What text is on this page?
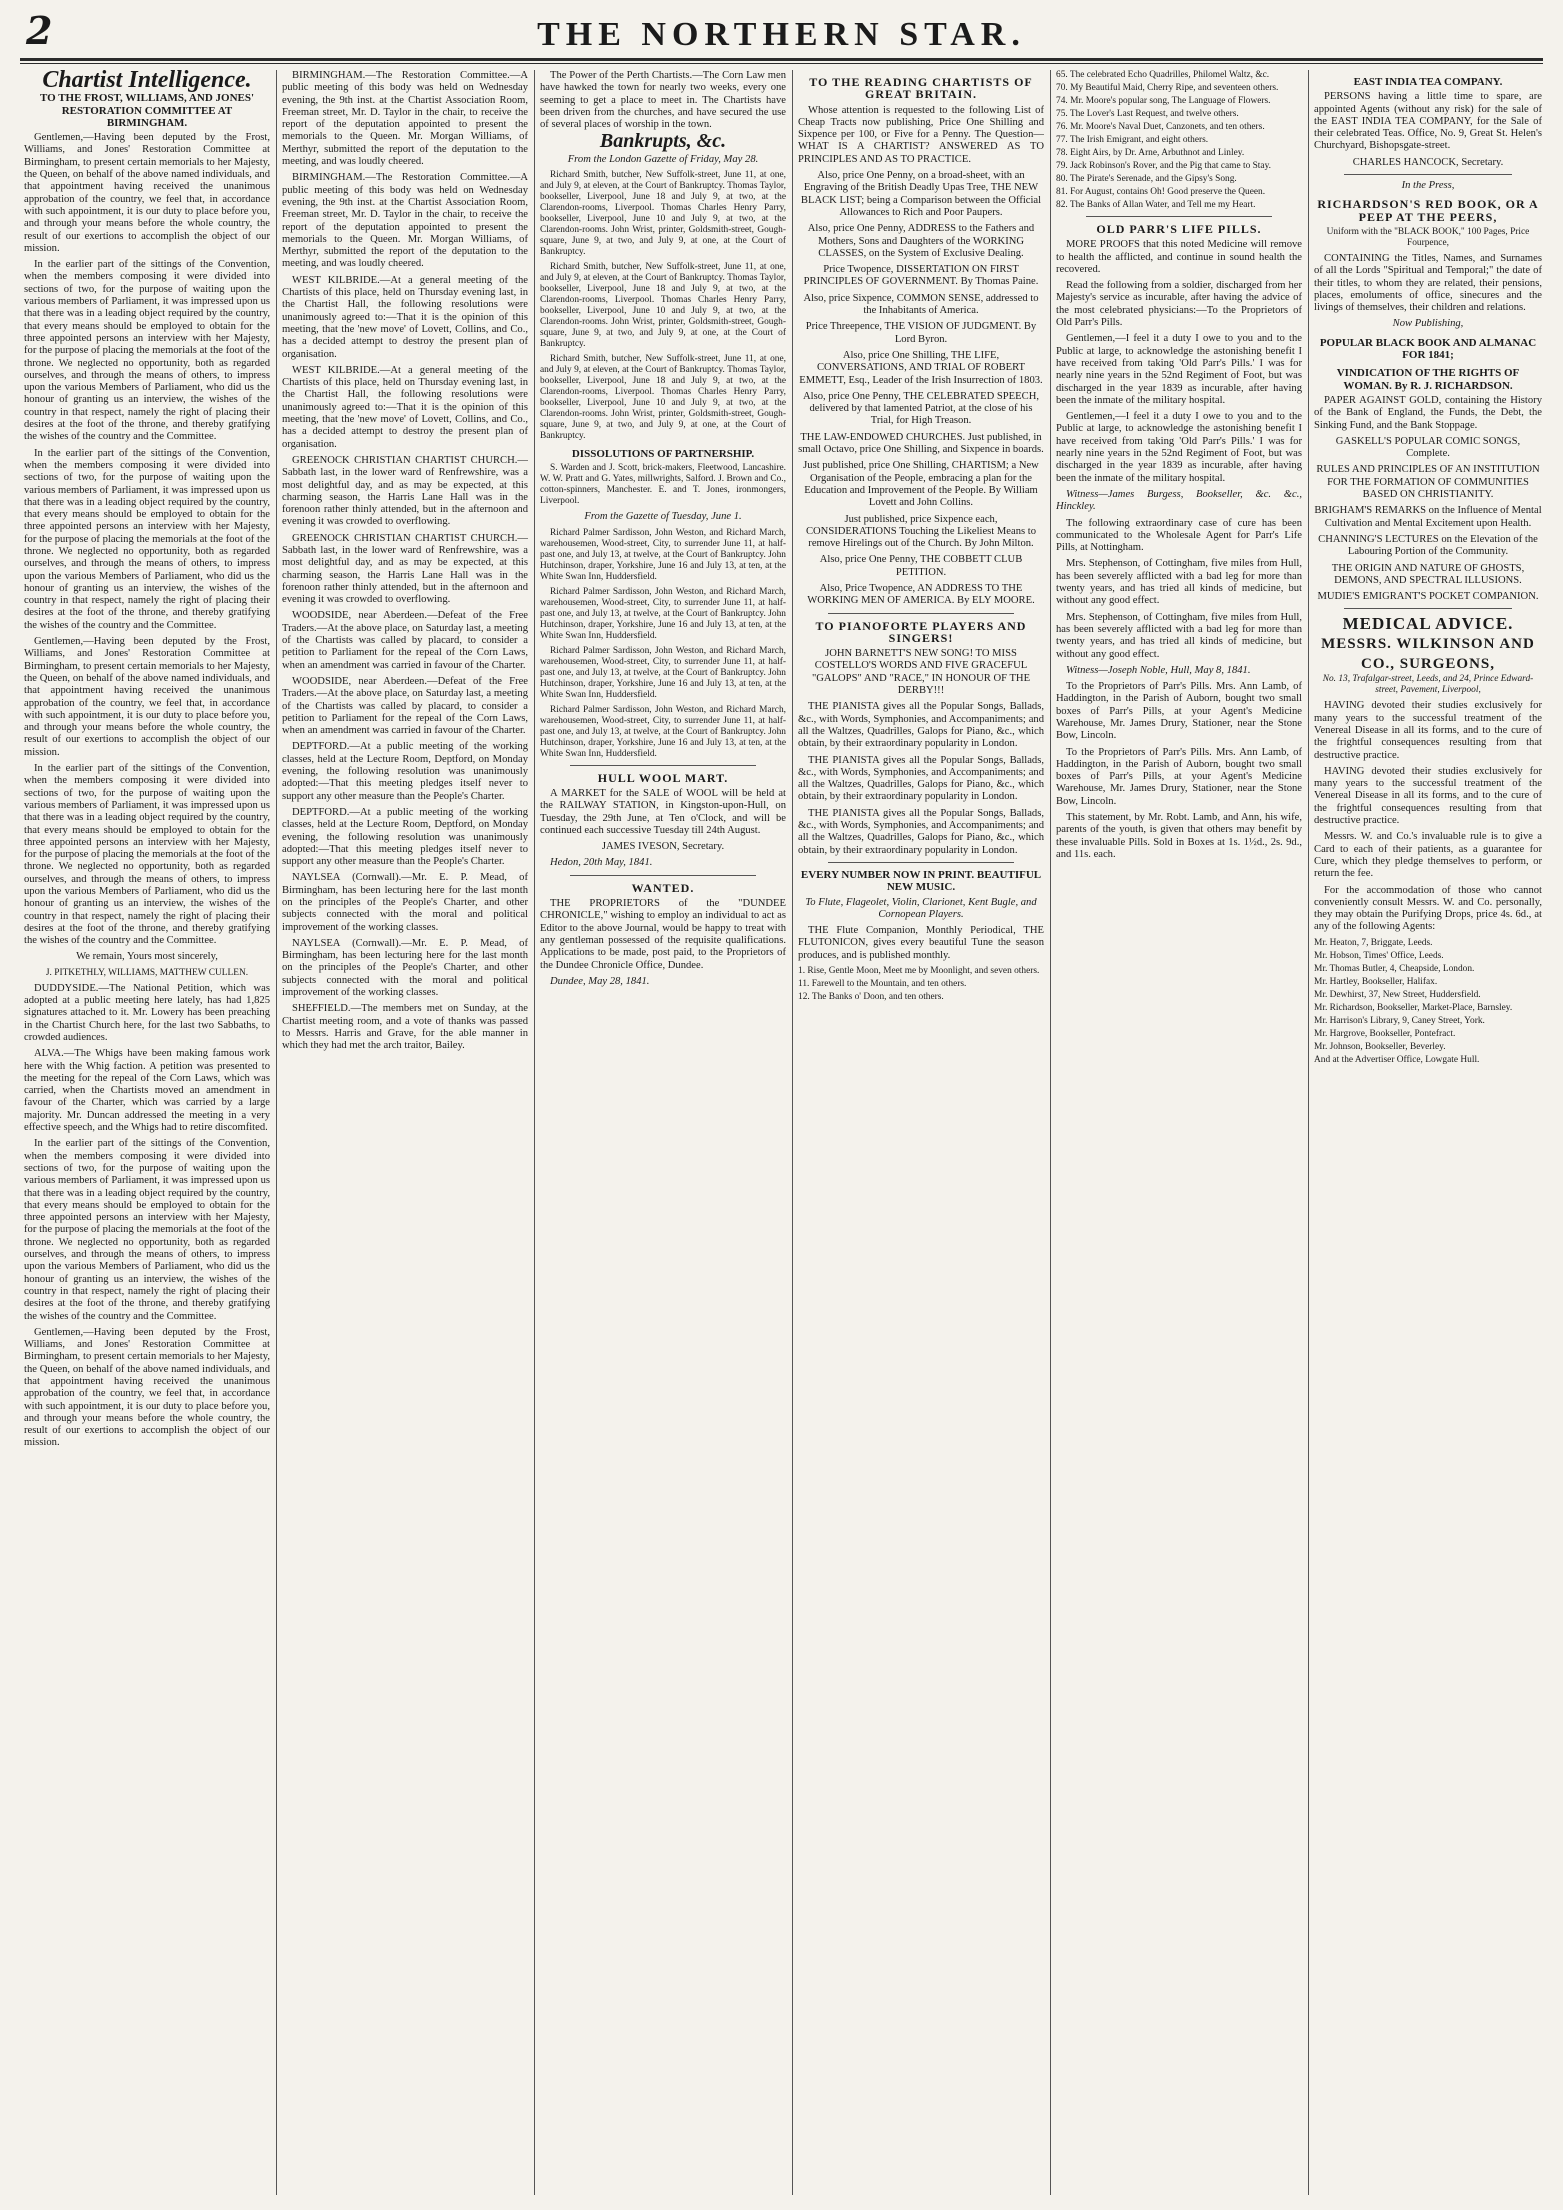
2	THE NORTHERN STAR.
Chartist Intelligence.
TO THE FROST, WILLIAMS, AND JONES' RESTORATION COMMITTEE AT BIRMINGHAM.

Gentlemen,—Having been deputed by the Frost, Williams, and Jones' Restoration Committee at Birmingham, to present certain memorials to her Majesty, the Queen, on behalf of the above named individuals, and that appointment having received the unanimous approbation of the country, we feel that, in accordance with such appointment, it is our duty to place before you, and through your means before the whole country, the result of our exertions to accomplish the object of our mission.

In the earlier part of the sittings of the Convention, when the members composing it were divided into sections of two, for the purpose of waiting upon the various members of Parliament, it was impressed upon us that there was in a leading object required by the country, that every means should be employed to obtain for the three appointed persons an interview with her Majesty, for the purpose of placing the memorials at the foot of the throne. We neglected no opportunity, both as regarded ourselves, and through the means of others, to impress upon the various Members of Parliament, who did us the honour of granting us an interview, the wishes of the country in that respect, namely the right of placing their desires at the foot of the throne, and thereby gratifying the wishes of the country and the Committee.

In the earlier part of the sittings of the Convention, when the members composing it were divided into sections of two, for the purpose of waiting upon the various members of Parliament, it was impressed upon us that there was in a leading object required by the country, that every means should be employed to obtain for the three appointed persons an interview with her Majesty, for the purpose of placing the memorials at the foot of the throne. We neglected no opportunity, both as regarded ourselves, and through the means of others, to impress upon the various Members of Parliament, who did us the honour of granting us an interview, the wishes of the country in that respect, namely the right of placing their desires at the foot of the throne, and thereby gratifying the wishes of the country and the Committee.

Gentlemen,—Having been deputed by the Frost, Williams, and Jones' Restoration Committee at Birmingham, to present certain memorials to her Majesty, the Queen, on behalf of the above named individuals, and that appointment having received the unanimous approbation of the country, we feel that, in accordance with such appointment, it is our duty to place before you, and through your means before the whole country, the result of our exertions to accomplish the object of our mission.

In the earlier part of the sittings of the Convention, when the members composing it were divided into sections of two, for the purpose of waiting upon the various members of Parliament, it was impressed upon us that there was in a leading object required by the country, that every means should be employed to obtain for the three appointed persons an interview with her Majesty, for the purpose of placing the memorials at the foot of the throne. We neglected no opportunity, both as regarded ourselves, and through the means of others, to impress upon the various Members of Parliament, who did us the honour of granting us an interview, the wishes of the country in that respect, namely the right of placing their desires at the foot of the throne, and thereby gratifying the wishes of the country and the Committee.

We remain, Yours most sincerely,

J. PITKETHLY, WILLIAMS, MATTHEW CULLEN.

DUDDYSIDE.—The National Petition, which was adopted at a public meeting here lately, has had 1,825 signatures attached to it. Mr. Lowery has been preaching in the Chartist Church here, for the last two Sabbaths, to crowded audiences.

ALVA.—The Whigs have been making famous work here with the Whig faction. A petition was presented to the meeting for the repeal of the Corn Laws, which was carried, when the Chartists moved an amendment in favour of the Charter, which was carried by a large majority. Mr. Duncan addressed the meeting in a very effective speech, and the Whigs had to retire discomfited.

In the earlier part of the sittings of the Convention, when the members composing it were divided into sections of two, for the purpose of waiting upon the various members of Parliament, it was impressed upon us that there was in a leading object required by the country, that every means should be employed to obtain for the three appointed persons an interview with her Majesty, for the purpose of placing the memorials at the foot of the throne. We neglected no opportunity, both as regarded ourselves, and through the means of others, to impress upon the various Members of Parliament, who did us the honour of granting us an interview, the wishes of the country in that respect, namely the right of placing their desires at the foot of the throne, and thereby gratifying the wishes of the country and the Committee.

Gentlemen,—Having been deputed by the Frost, Williams, and Jones' Restoration Committee at Birmingham, to present certain memorials to her Majesty, the Queen, on behalf of the above named individuals, and that appointment having received the unanimous approbation of the country, we feel that, in accordance with such appointment, it is our duty to place before you, and through your means before the whole country, the result of our exertions to accomplish the object of our mission.

BIRMINGHAM.—The Restoration Committee.—A public meeting of this body was held on Wednesday evening, the 9th inst. at the Chartist Association Room, Freeman street, Mr. D. Taylor in the chair, to receive the report of the deputation appointed to present the memorials to the Queen. Mr. Morgan Williams, of Merthyr, submitted the report of the deputation to the meeting, and was loudly cheered.

BIRMINGHAM.—The Restoration Committee.—A public meeting of this body was held on Wednesday evening, the 9th inst. at the Chartist Association Room, Freeman street, Mr. D. Taylor in the chair, to receive the report of the deputation appointed to present the memorials to the Queen. Mr. Morgan Williams, of Merthyr, submitted the report of the deputation to the meeting, and was loudly cheered.

WEST KILBRIDE.—At a general meeting of the Chartists of this place, held on Thursday evening last, in the Chartist Hall, the following resolutions were unanimously agreed to:—That it is the opinion of this meeting, that the 'new move' of Lovett, Collins, and Co., has a decided attempt to destroy the present plan of organisation.

WEST KILBRIDE.—At a general meeting of the Chartists of this place, held on Thursday evening last, in the Chartist Hall, the following resolutions were unanimously agreed to:—That it is the opinion of this meeting, that the 'new move' of Lovett, Collins, and Co., has a decided attempt to destroy the present plan of organisation.

GREENOCK CHRISTIAN CHARTIST CHURCH.—Sabbath last, in the lower ward of Renfrewshire, was a most delightful day, and as may be expected, at this charming season, the Harris Lane Hall was in the forenoon rather thinly attended, but in the afternoon and evening it was crowded to overflowing.

GREENOCK CHRISTIAN CHARTIST CHURCH.—Sabbath last, in the lower ward of Renfrewshire, was a most delightful day, and as may be expected, at this charming season, the Harris Lane Hall was in the forenoon rather thinly attended, but in the afternoon and evening it was crowded to overflowing.

WOODSIDE, near Aberdeen.—Defeat of the Free Traders.—At the above place, on Saturday last, a meeting of the Chartists was called by placard, to consider a petition to Parliament for the repeal of the Corn Laws, when an amendment was carried in favour of the Charter.

WOODSIDE, near Aberdeen.—Defeat of the Free Traders.—At the above place, on Saturday last, a meeting of the Chartists was called by placard, to consider a petition to Parliament for the repeal of the Corn Laws, when an amendment was carried in favour of the Charter.

DEPTFORD.—At a public meeting of the working classes, held at the Lecture Room, Deptford, on Monday evening, the following resolution was unanimously adopted:—That this meeting pledges itself never to support any other measure than the People's Charter.

DEPTFORD.—At a public meeting of the working classes, held at the Lecture Room, Deptford, on Monday evening, the following resolution was unanimously adopted:—That this meeting pledges itself never to support any other measure than the People's Charter.

NAYLSEA (Cornwall).—Mr. E. P. Mead, of Birmingham, has been lecturing here for the last month on the principles of the People's Charter, and other subjects connected with the moral and political improvement of the working classes.

NAYLSEA (Cornwall).—Mr. E. P. Mead, of Birmingham, has been lecturing here for the last month on the principles of the People's Charter, and other subjects connected with the moral and political improvement of the working classes.

SHEFFIELD.—The members met on Sunday, at the Chartist meeting room, and a vote of thanks was passed to Messrs. Harris and Grave, for the able manner in which they had met the arch traitor, Bailey.

The Power of the Perth Chartists.—The Corn Law men have hawked the town for nearly two weeks, every one seeming to get a place to meet in. The Chartists have been driven from the churches, and have secured the use of several places of worship in the town.

Bankrupts, &c.

From the London Gazette of Friday, May 28.

Richard Smith, butcher, New Suffolk-street, June 11, at one, and July 9, at eleven, at the Court of Bankruptcy. Thomas Taylor, bookseller, Liverpool, June 18 and July 9, at two, at the Clarendon-rooms, Liverpool. Thomas Charles Henry Parry, bookseller, Liverpool, June 10 and July 9, at two, at the Clarendon-rooms. John Wrist, printer, Goldsmith-street, Gough-square, June 9, at two, and July 9, at one, at the Court of Bankruptcy.

Richard Smith, butcher, New Suffolk-street, June 11, at one, and July 9, at eleven, at the Court of Bankruptcy. Thomas Taylor, bookseller, Liverpool, June 18 and July 9, at two, at the Clarendon-rooms, Liverpool. Thomas Charles Henry Parry, bookseller, Liverpool, June 10 and July 9, at two, at the Clarendon-rooms. John Wrist, printer, Goldsmith-street, Gough-square, June 9, at two, and July 9, at one, at the Court of Bankruptcy.

Richard Smith, butcher, New Suffolk-street, June 11, at one, and July 9, at eleven, at the Court of Bankruptcy. Thomas Taylor, bookseller, Liverpool, June 18 and July 9, at two, at the Clarendon-rooms, Liverpool. Thomas Charles Henry Parry, bookseller, Liverpool, June 10 and July 9, at two, at the Clarendon-rooms. John Wrist, printer, Goldsmith-street, Gough-square, June 9, at two, and July 9, at one, at the Court of Bankruptcy.

DISSOLUTIONS OF PARTNERSHIP.

S. Warden and J. Scott, brick-makers, Fleetwood, Lancashire. W. W. Pratt and G. Yates, millwrights, Salford. J. Brown and Co., cotton-spinners, Manchester. E. and T. Jones, ironmongers, Liverpool.

From the Gazette of Tuesday, June 1.

Richard Palmer Sardisson, John Weston, and Richard March, warehousemen, Wood-street, City, to surrender June 11, at half-past one, and July 13, at twelve, at the Court of Bankruptcy. John Hutchinson, draper, Yorkshire, June 16 and July 13, at ten, at the White Swan Inn, Huddersfield.

Richard Palmer Sardisson, John Weston, and Richard March, warehousemen, Wood-street, City, to surrender June 11, at half-past one, and July 13, at twelve, at the Court of Bankruptcy. John Hutchinson, draper, Yorkshire, June 16 and July 13, at ten, at the White Swan Inn, Huddersfield.

Richard Palmer Sardisson, John Weston, and Richard March, warehousemen, Wood-street, City, to surrender June 11, at half-past one, and July 13, at twelve, at the Court of Bankruptcy. John Hutchinson, draper, Yorkshire, June 16 and July 13, at ten, at the White Swan Inn, Huddersfield.

Richard Palmer Sardisson, John Weston, and Richard March, warehousemen, Wood-street, City, to surrender June 11, at half-past one, and July 13, at twelve, at the Court of Bankruptcy. John Hutchinson, draper, Yorkshire, June 16 and July 13, at ten, at the White Swan Inn, Huddersfield.

HULL WOOL MART.

A MARKET for the SALE of WOOL will be held at the RAILWAY STATION, in Kingston-upon-Hull, on Tuesday, the 29th June, at Ten o'Clock, and will be continued each successive Tuesday till 24th August.

JAMES IVESON, Secretary.

Hedon, 20th May, 1841.

WANTED.

THE PROPRIETORS of the "DUNDEE CHRONICLE," wishing to employ an individual to act as Editor to the above Journal, would be happy to treat with any gentleman possessed of the requisite qualifications. Applications to be made, post paid, to the Proprietors of the Dundee Chronicle Office, Dundee.

Dundee, May 28, 1841.

TO THE READING CHARTISTS OF GREAT BRITAIN.

Whose attention is requested to the following List of Cheap Tracts now publishing, Price One Shilling and Sixpence per 100, or Five for a Penny. The Question—WHAT IS A CHARTIST? ANSWERED AS TO PRINCIPLES AND AS TO PRACTICE.

Also, price One Penny, on a broad-sheet, with an Engraving of the British Deadly Upas Tree, THE NEW BLACK LIST; being a Comparison between the Official Allowances to Rich and Poor Paupers.

Also, price One Penny, ADDRESS to the Fathers and Mothers, Sons and Daughters of the WORKING CLASSES, on the System of Exclusive Dealing.

Price Twopence, DISSERTATION ON FIRST PRINCIPLES OF GOVERNMENT. By Thomas Paine.

Also, price Sixpence, COMMON SENSE, addressed to the Inhabitants of America.

Price Threepence, THE VISION OF JUDGMENT. By Lord Byron.

Also, price One Shilling, THE LIFE, CONVERSATIONS, AND TRIAL OF ROBERT EMMETT, Esq., Leader of the Irish Insurrection of 1803.

Also, price One Penny, THE CELEBRATED SPEECH, delivered by that lamented Patriot, at the close of his Trial, for High Treason.

THE LAW-ENDOWED CHURCHES. Just published, in small Octavo, price One Shilling, and Sixpence in boards.

Just published, price One Shilling, CHARTISM; a New Organisation of the People, embracing a plan for the Education and Improvement of the People. By William Lovett and John Collins.

Just published, price Sixpence each, CONSIDERATIONS Touching the Likeliest Means to remove Hirelings out of the Church. By John Milton.

Also, price One Penny, THE COBBETT CLUB PETITION.

Also, Price Twopence, AN ADDRESS TO THE WORKING MEN OF AMERICA. By ELY MOORE.

TO PIANOFORTE PLAYERS AND SINGERS!

JOHN BARNETT'S NEW SONG! TO MISS COSTELLO'S WORDS AND FIVE GRACEFUL "GALOPS" AND "RACE," IN HONOUR OF THE DERBY!!!

THE PIANISTA gives all the Popular Songs, Ballads, &c., with Words, Symphonies, and Accompaniments; and all the Waltzes, Quadrilles, Galops for Piano, &c., which obtain, by their extraordinary popularity in London.

THE PIANISTA gives all the Popular Songs, Ballads, &c., with Words, Symphonies, and Accompaniments; and all the Waltzes, Quadrilles, Galops for Piano, &c., which obtain, by their extraordinary popularity in London.

THE PIANISTA gives all the Popular Songs, Ballads, &c., with Words, Symphonies, and Accompaniments; and all the Waltzes, Quadrilles, Galops for Piano, &c., which obtain, by their extraordinary popularity in London.

EVERY NUMBER NOW IN PRINT. BEAUTIFUL NEW MUSIC.

To Flute, Flageolet, Violin, Clarionet, Kent Bugle, and Cornopean Players.

THE Flute Companion, Monthly Periodical, THE FLUTONICON, gives every beautiful Tune the season produces, and is published monthly.

1. Rise, Gentle Moon, Meet me by Moonlight, and seven others.
11. Farewell to the Mountain, and ten others.
12. The Banks o' Doon, and ten others.
65. The celebrated Echo Quadrilles, Philomel Waltz, &c.
70. My Beautiful Maid, Cherry Ripe, and seventeen others.
74. Mr. Moore's popular song, The Language of Flowers.
75. The Lover's Last Request, and twelve others.
76. Mr. Moore's Naval Duet, Canzonets, and ten others.
77. The Irish Emigrant, and eight others.
78. Eight Airs, by Dr. Arne, Arbuthnot and Linley.
79. Jack Robinson's Rover, and the Pig that came to Stay.
80. The Pirate's Serenade, and the Gipsy's Song.
81. For August, contains Oh! Good preserve the Queen.
82. The Banks of Allan Water, and Tell me my Heart.
OLD PARR'S LIFE PILLS.

MORE PROOFS that this noted Medicine will remove to health the afflicted, and continue in sound health the recovered.

Read the following from a soldier, discharged from her Majesty's service as incurable, after having the advice of the most celebrated physicians:—To the Proprietors of Old Parr's Pills.

Gentlemen,—I feel it a duty I owe to you and to the Public at large, to acknowledge the astonishing benefit I have received from taking 'Old Parr's Pills.' I was for nearly nine years in the 52nd Regiment of Foot, but was discharged in the year 1839 as incurable, after having been the inmate of the military hospital.

Gentlemen,—I feel it a duty I owe to you and to the Public at large, to acknowledge the astonishing benefit I have received from taking 'Old Parr's Pills.' I was for nearly nine years in the 52nd Regiment of Foot, but was discharged in the year 1839 as incurable, after having been the inmate of the military hospital.

Witness—James Burgess, Bookseller, &c. &c., Hinckley.

The following extraordinary case of cure has been communicated to the Wholesale Agent for Parr's Life Pills, at Nottingham.

Mrs. Stephenson, of Cottingham, five miles from Hull, has been severely afflicted with a bad leg for more than twenty years, and has tried all kinds of medicine, but without any good effect.

Mrs. Stephenson, of Cottingham, five miles from Hull, has been severely afflicted with a bad leg for more than twenty years, and has tried all kinds of medicine, but without any good effect.

Witness—Joseph Noble, Hull, May 8, 1841.

To the Proprietors of Parr's Pills. Mrs. Ann Lamb, of Haddington, in the Parish of Auborn, bought two small boxes of Parr's Pills, at your Agent's Medicine Warehouse, Mr. James Drury, Stationer, near the Stone Bow, Lincoln.

To the Proprietors of Parr's Pills. Mrs. Ann Lamb, of Haddington, in the Parish of Auborn, bought two small boxes of Parr's Pills, at your Agent's Medicine Warehouse, Mr. James Drury, Stationer, near the Stone Bow, Lincoln.

This statement, by Mr. Robt. Lamb, and Ann, his wife, parents of the youth, is given that others may benefit by these invaluable Pills. Sold in Boxes at 1s. 1½d., 2s. 9d., and 11s. each.

EAST INDIA TEA COMPANY.

PERSONS having a little time to spare, are appointed Agents (without any risk) for the sale of the EAST INDIA TEA COMPANY, for the Sale of their celebrated Teas. Office, No. 9, Great St. Helen's Churchyard, Bishopsgate-street.

CHARLES HANCOCK, Secretary.

In the Press,

RICHARDSON'S RED BOOK, OR A PEEP AT THE PEERS,

Uniform with the "BLACK BOOK," 100 Pages, Price Fourpence,

CONTAINING the Titles, Names, and Surnames of all the Lords "Spiritual and Temporal;" the date of their titles, to whom they are related, their pensions, places, emoluments of office, sinecures and the livings of themselves, their children and relations.

Now Publishing,

POPULAR BLACK BOOK AND ALMANAC FOR 1841;
VINDICATION OF THE RIGHTS OF WOMAN. By R. J. RICHARDSON.

PAPER AGAINST GOLD, containing the History of the Bank of England, the Funds, the Debt, the Sinking Fund, and the Bank Stoppage.

GASKELL'S POPULAR COMIC SONGS, Complete.

RULES AND PRINCIPLES OF AN INSTITUTION FOR THE FORMATION OF COMMUNITIES BASED ON CHRISTIANITY.

BRIGHAM'S REMARKS on the Influence of Mental Cultivation and Mental Excitement upon Health.

CHANNING'S LECTURES on the Elevation of the Labouring Portion of the Community.

THE ORIGIN AND NATURE OF GHOSTS, DEMONS, AND SPECTRAL ILLUSIONS.

MUDIE'S EMIGRANT'S POCKET COMPANION.

MEDICAL ADVICE.
MESSRS. WILKINSON AND CO., SURGEONS,

No. 13, Trafalgar-street, Leeds, and 24, Prince Edward-street, Pavement, Liverpool,

HAVING devoted their studies exclusively for many years to the successful treatment of the Venereal Disease in all its forms, and to the cure of the frightful consequences resulting from that destructive practice.

HAVING devoted their studies exclusively for many years to the successful treatment of the Venereal Disease in all its forms, and to the cure of the frightful consequences resulting from that destructive practice.

Messrs. W. and Co.'s invaluable rule is to give a Card to each of their patients, as a guarantee for Cure, which they pledge themselves to perform, or return the fee.

For the accommodation of those who cannot conveniently consult Messrs. W. and Co. personally, they may obtain the Purifying Drops, price 4s. 6d., at any of the following Agents:

Mr. Heaton, 7, Briggate, Leeds.
Mr. Hobson, Times' Office, Leeds.
Mr. Thomas Butler, 4, Cheapside, London.
Mr. Hartley, Bookseller, Halifax.
Mr. Dewhirst, 37, New Street, Huddersfield.
Mr. Richardson, Bookseller, Market-Place, Barnsley.
Mr. Harrison's Library, 9, Caney Street, York.
Mr. Hargrove, Bookseller, Pontefract.
Mr. Johnson, Bookseller, Beverley.
And at the Advertiser Office, Lowgate Hull.
